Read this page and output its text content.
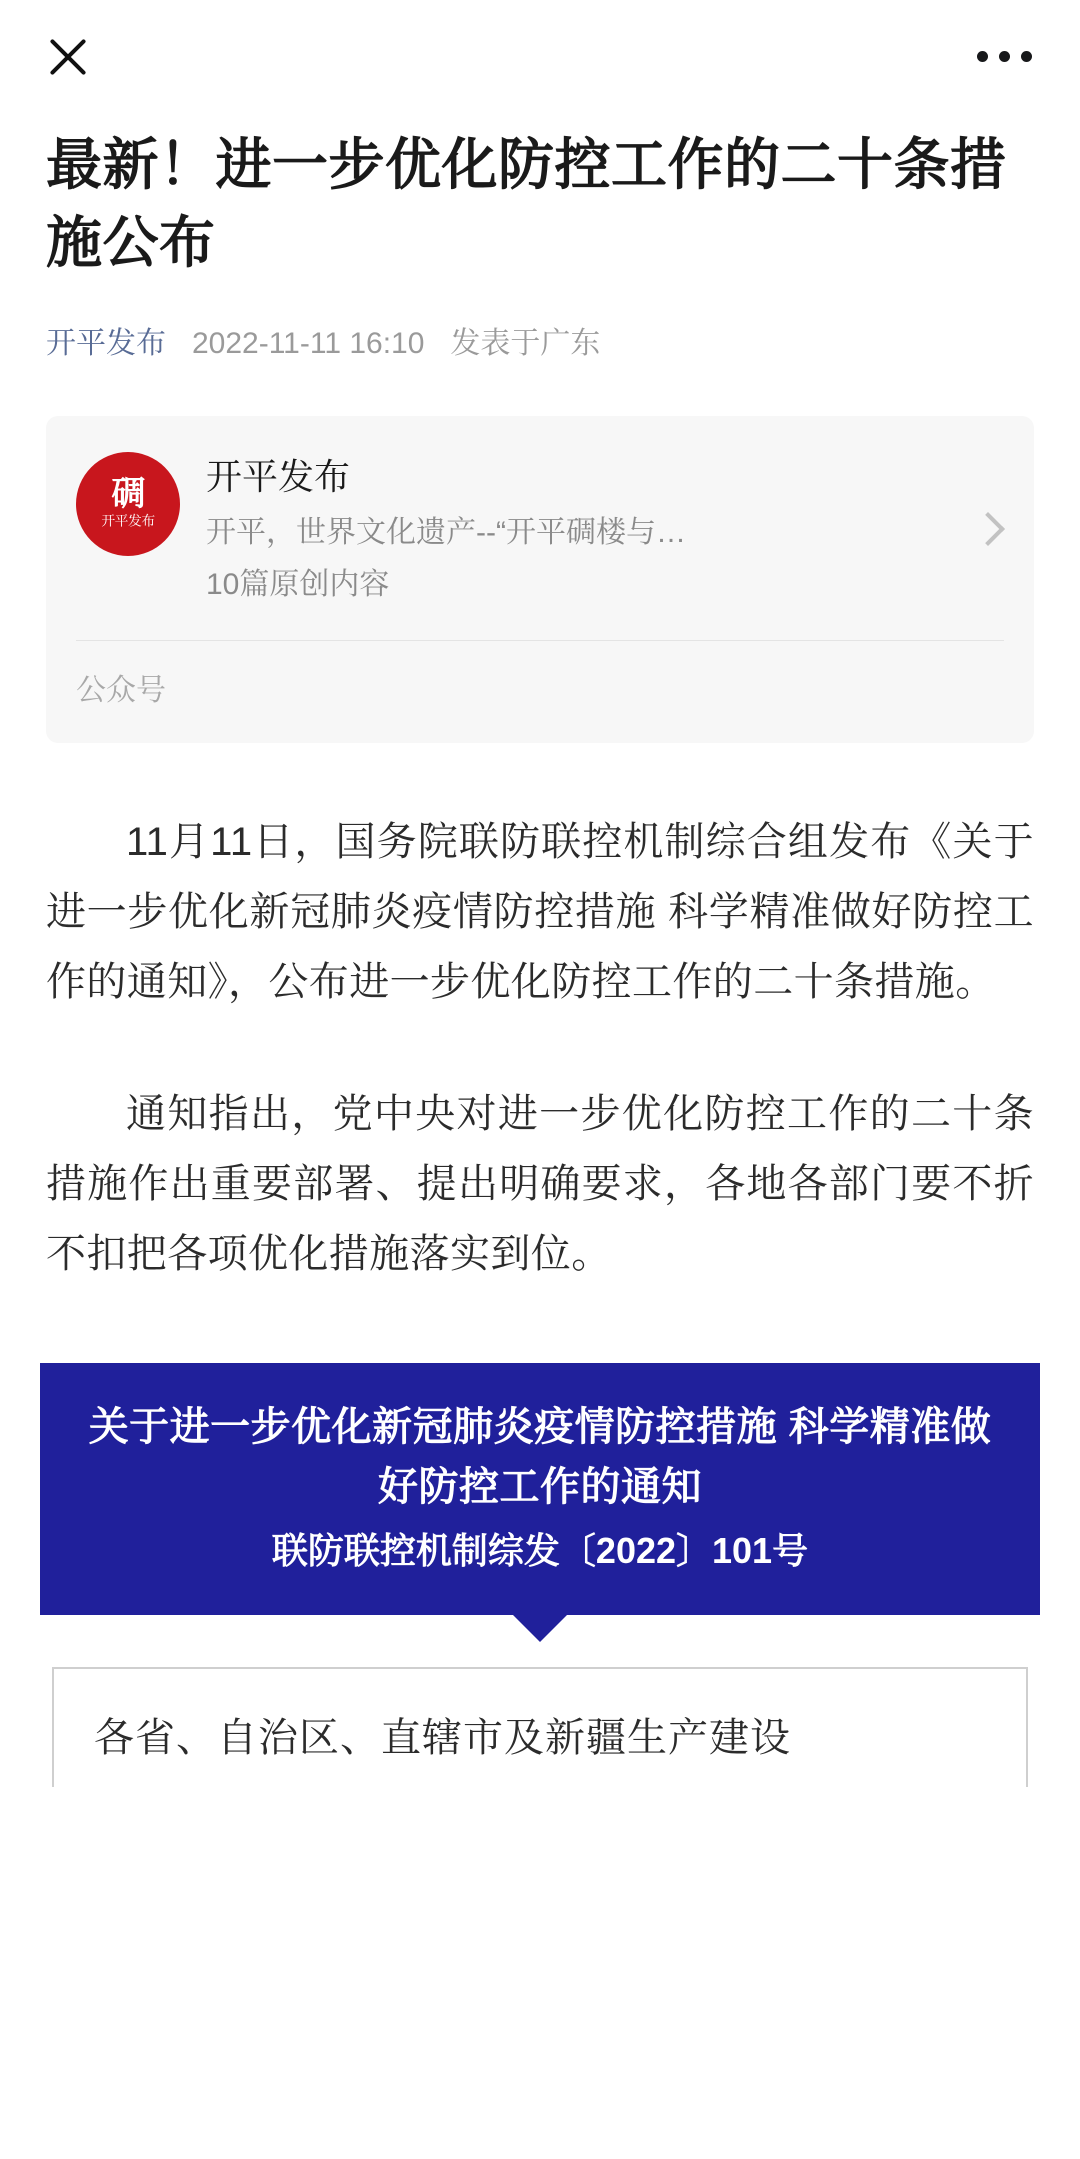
最新！进一步优化防控工作的二十条措施公布
开平发布 2022-11-11 16:10 发表于广东
碉
开平发布
开平发布
开平，世界文化遗产--“开平碉楼与…
10篇原创内容
公众号

11月11日，国务院联防联控机制综合组发布《关于进一步优化新冠肺炎疫情防控措施 科学精准做好防控工作的通知》，公布进一步优化防控工作的二十条措施。

通知指出，党中央对进一步优化防控工作的二十条措施作出重要部署、提出明确要求，各地各部门要不折不扣把各项优化措施落实到位。

关于进一步优化新冠肺炎疫情防控措施 科学精准做好防控工作的通知
联防联控机制综发〔2022〕101号
各省、自治区、直辖市及新疆生产建设
